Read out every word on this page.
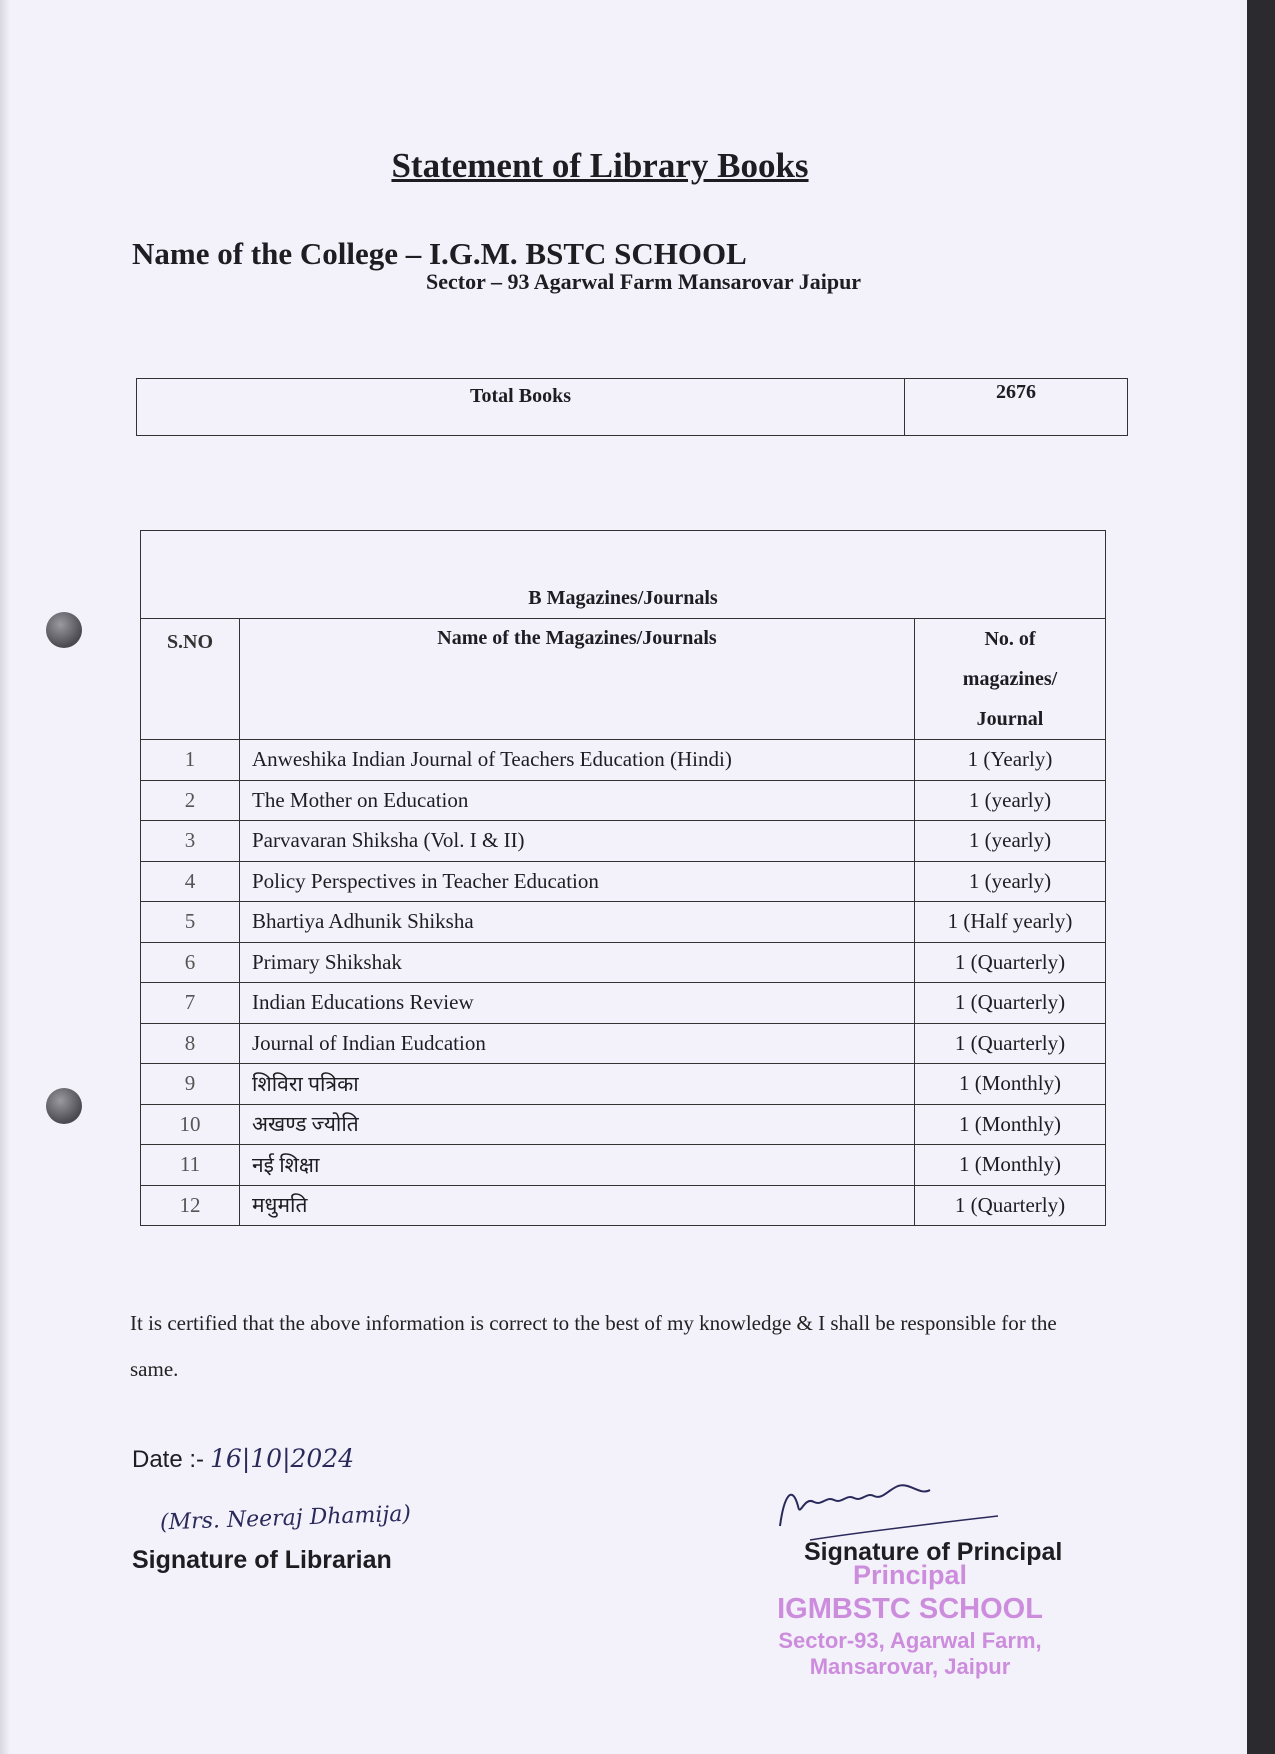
Statement of Library Books
Name of the College – I.G.M. BSTC SCHOOL
Sector – 93 Agarwal Farm Mansarovar Jaipur
Total Books	2676
B Magazines/Journals		
S.NO	Name of the Magazines/Journals	No. of
magazines/
Journal

1	Anweshika Indian Journal of Teachers Education (Hindi)	1 (Yearly)
2	The Mother on Education	1 (yearly)
3	Parvavaran Shiksha (Vol. I & II)	1 (yearly)
4	Policy Perspectives in Teacher Education	1 (yearly)
5	Bhartiya Adhunik Shiksha	1 (Half yearly)
6	Primary Shikshak	1 (Quarterly)
7	Indian Educations Review	1 (Quarterly)
8	Journal of Indian Eudcation	1 (Quarterly)
9	शिविरा पत्रिका	1 (Monthly)
10	अखण्ड ज्योति	1 (Monthly)
11	नई शिक्षा	1 (Monthly)
12	मधुमति	1 (Quarterly)
It is certified that the above information is correct to the best of my knowledge & I shall be responsible for the same.
Date :- 16|10|2024
(Mrs. Neeraj Dhamija)
Signature of Librarian	Signature of Principal
Principal
IGMBSTC SCHOOL
Sector-93, Agarwal Farm,
Mansarovar, Jaipur
